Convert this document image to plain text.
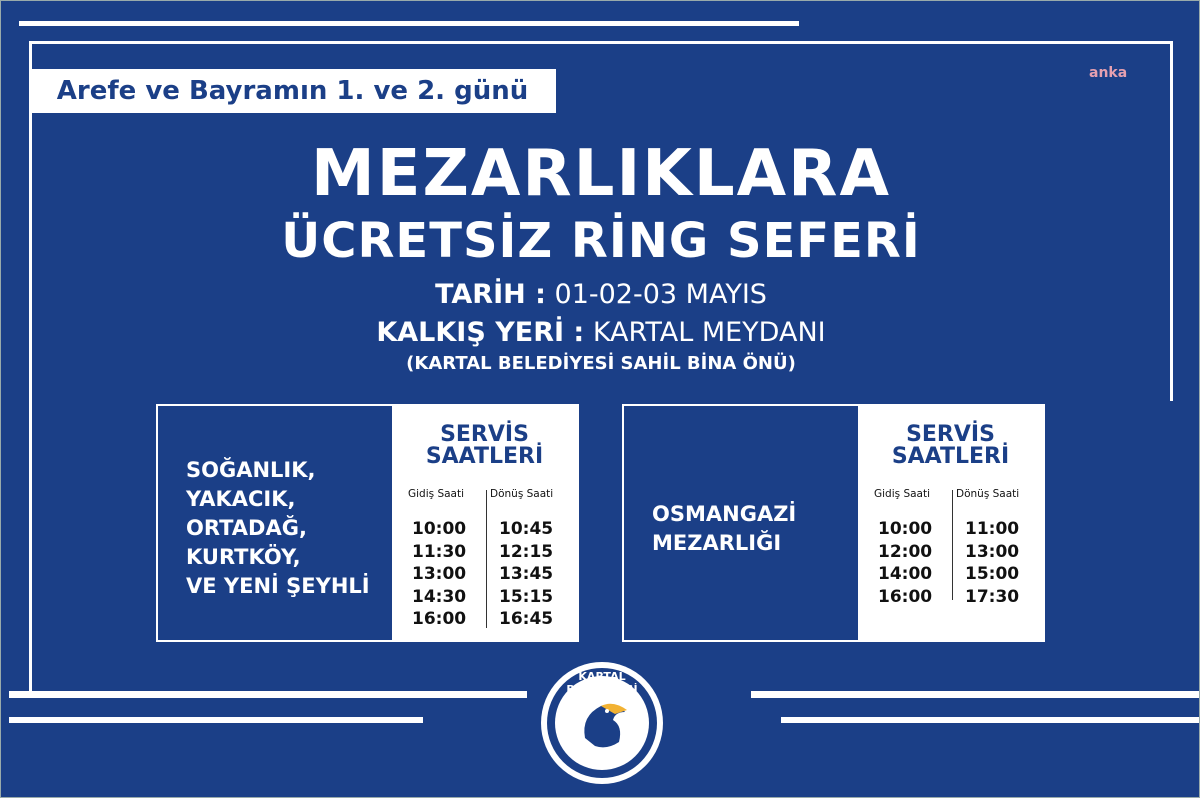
Arefe ve Bayramın 1. ve 2. günü
anka
MEZARLIKLARA
ÜCRETSİZ RİNG SEFERİ
TARİH : 01-02-03 MAYIS
KALKIŞ YERİ : KARTAL MEYDANI
(KARTAL BELEDİYESİ SAHİL BİNA ÖNÜ)
SOĞANLIK,
YAKACIK,
ORTADAĞ,
KURTKÖY,
VE YENİ ŞEYHLİ
SERVİS
SAATLERİ
Gidiş Saati Dönüş Saati
10:00
11:30
13:00
14:30
16:00
10:45
12:15
13:45
15:15
16:45
OSMANGAZİ
MEZARLIĞI
SERVİS
SAATLERİ
Gidiş Saati Dönüş Saati
10:00
12:00
14:00
16:00
11:00
13:00
15:00
17:30
KARTAL BELEDİYESİ
